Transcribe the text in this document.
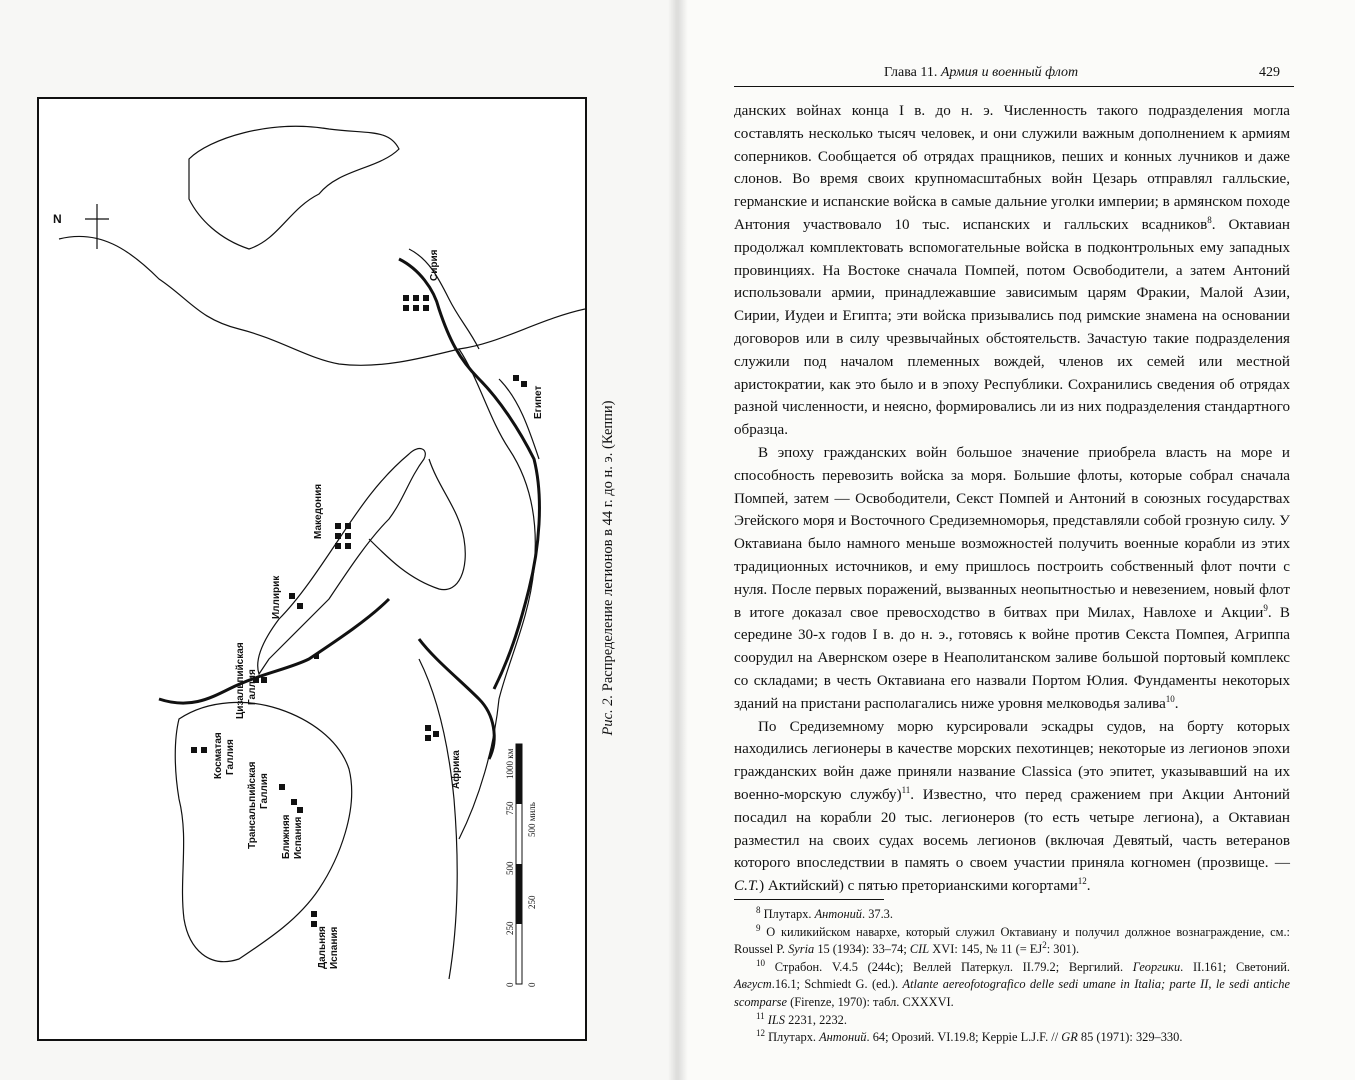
N
Сирия
Египет
Македония
Иллирик
Цизальпийская Галлия
Косматая Галлия
Трансальпийская Галлия
Ближняя Испания
Дальняя Испания
Африка
0
250
500
750
1000 км
0
250
500 миль
Рис. 2. Распределение легионов в 44 г. до н. э. (Кеппи)
Глава 11. Армия и военный флот	429

данских войнах конца I в. до н. э. Численность такого подразделения могла составлять несколько тысяч человек, и они служили важным дополнением к армиям соперников. Сообщается об отрядах пращников, пеших и конных лучников и даже слонов. Во время своих крупномасштабных войн Цезарь отправлял галльские, германские и испанские войска в самые дальние уголки империи; в армянском походе Антония участвовало 10 тыс. испанских и галльских всадников$^8$. Октавиан продолжал комплектовать вспомогательные войска в подконтрольных ему западных провинциях. На Востоке сначала Помпей, потом Освободители, а затем Антоний использовали армии, принадлежавшие зависимым царям Фракии, Малой Азии, Сирии, Иудеи и Египта; эти войска призывались под римские знамена на основании договоров или в силу чрезвычайных обстоятельств. Зачастую такие подразделения служили под началом племенных вождей, членов их семей или местной аристократии, как это было и в эпоху Республики. Сохранились сведения об отрядах разной численности, и неясно, формировались ли из них подразделения стандартного образца.

В эпоху гражданских войн большое значение приобрела власть на море и способность перевозить войска за моря. Большие флоты, которые собрал сначала Помпей, затем — Освободители, Секст Помпей и Антоний в союзных государствах Эгейского моря и Восточного Средиземноморья, представляли собой грозную силу. У Октавиана было намного меньше возможностей получить военные корабли из этих традиционных источников, и ему пришлось построить собственный флот почти с нуля. После первых поражений, вызванных неопытностью и невезением, новый флот в итоге доказал свое превосходство в битвах при Милах, Навлохе и Акции$^9$. В середине 30-х годов I в. до н. э., готовясь к войне против Секста Помпея, Агриппа соорудил на Авернском озере в Неаполитанском заливе большой портовый комплекс со складами; в честь Октавиана его назвали Портом Юлия. Фундаменты некоторых зданий на пристани располагались ниже уровня мелководья залива$^{10}$.

По Средиземному морю курсировали эскадры судов, на борту которых находились легионеры в качестве морских пехотинцев; некоторые из легионов эпохи гражданских войн даже приняли название Classica (это эпитет, указывавший на их военно-морскую службу)$^{11}$. Известно, что перед сражением при Акции Антоний посадил на корабли 20 тыс. легионеров (то есть четыре легиона), а Октавиан разместил на своих судах восемь легионов (включая Девятый, часть ветеранов которого впоследствии в память о своем участии приняла когномен (прозвище. — С.Т.) Актийский) с пятью преторианскими когортами$^{12}$.

$^8$ Плутарх. Антоний. 37.3.

$^9$ О киликийском навархе, который служил Октавиану и получил должное вознаграждение, см.: Roussel P. Syria 15 (1934): 33–74; CIL XVI: 145, № 11 (= $EJ^2$: 301).

$^{10}$ Страбон. V.4.5 (244c); Веллей Патеркул. II.79.2; Вергилий. Георгики. II.161; Светоний. Август.16.1; Schmiedt G. (ed.). Atlante aereofotografico delle sedi umane in Italia; parte II, le sedi antiche scomparse (Firenze, 1970): табл. CXXXVI.

$^{11}$ ILS 2231, 2232.

$^{12}$ Плутарх. Антоний. 64; Орозий. VI.19.8; Keppie L.J.F. // GR 85 (1971): 329–330.
